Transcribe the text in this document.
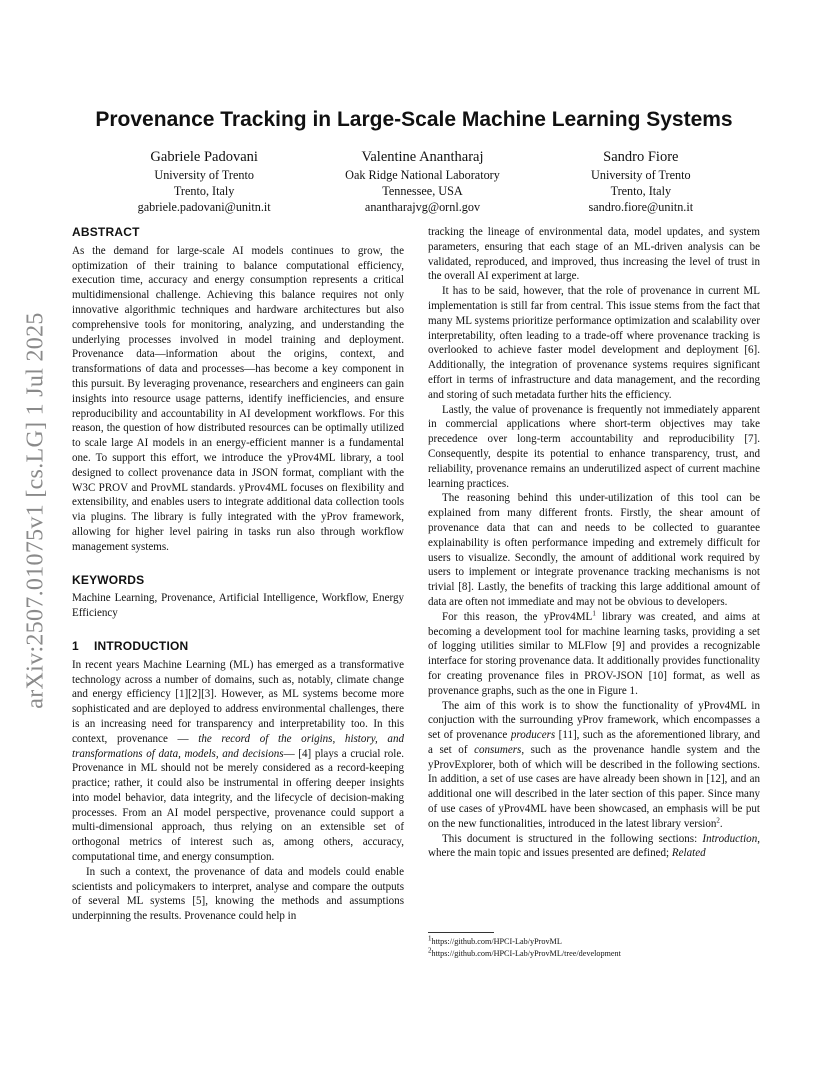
arXiv:2507.01075v1 [cs.LG] 1 Jul 2025
Provenance Tracking in Large-Scale Machine Learning Systems
Gabriele Padovani
University of Trento
Trento, Italy
gabriele.padovani@unitn.it
Valentine Anantharaj
Oak Ridge National Laboratory
Tennessee, USA
anantharajvg@ornl.gov
Sandro Fiore
University of Trento
Trento, Italy
sandro.fiore@unitn.it
ABSTRACT

As the demand for large-scale AI models continues to grow, the optimization of their training to balance computational efficiency, execution time, accuracy and energy consumption represents a critical multidimensional challenge. Achieving this balance requires not only innovative algorithmic techniques and hardware architectures but also comprehensive tools for monitoring, analyzing, and understanding the underlying processes involved in model training and deployment. Provenance data—information about the origins, context, and transformations of data and processes—has become a key component in this pursuit. By leveraging provenance, researchers and engineers can gain insights into resource usage patterns, identify inefficiencies, and ensure reproducibility and accountability in AI development workflows. For this reason, the question of how distributed resources can be optimally utilized to scale large AI models in an energy-efficient manner is a fundamental one. To support this effort, we introduce the yProv4ML library, a tool designed to collect provenance data in JSON format, compliant with the W3C PROV and ProvML standards. yProv4ML focuses on flexibility and extensibility, and enables users to integrate additional data collection tools via plugins. The library is fully integrated with the yProv framework, allowing for higher level pairing in tasks run also through workflow management systems.

KEYWORDS

Machine Learning, Provenance, Artificial Intelligence, Workflow, Energy Efficiency

1 INTRODUCTION

In recent years Machine Learning (ML) has emerged as a transformative technology across a number of domains, such as, notably, climate change and energy efficiency [1][2][3]. However, as ML systems become more sophisticated and are deployed to address environmental challenges, there is an increasing need for transparency and interpretability too. In this context, provenance — the record of the origins, history, and transformations of data, models, and decisions— [4] plays a crucial role. Provenance in ML should not be merely considered as a record-keeping practice; rather, it could also be instrumental in offering deeper insights into model behavior, data integrity, and the lifecycle of decision-making processes. From an AI model perspective, provenance could support a multi-dimensional approach, thus relying on an extensible set of orthogonal metrics of interest such as, among others, accuracy, computational time, and energy consumption.

In such a context, the provenance of data and models could enable scientists and policymakers to interpret, analyse and compare the outputs of several ML systems [5], knowing the methods and assumptions underpinning the results. Provenance could help in

tracking the lineage of environmental data, model updates, and system parameters, ensuring that each stage of an ML-driven analysis can be validated, reproduced, and improved, thus increasing the level of trust in the overall AI experiment at large.

It has to be said, however, that the role of provenance in current ML implementation is still far from central. This issue stems from the fact that many ML systems prioritize performance optimization and scalability over interpretability, often leading to a trade-off where provenance tracking is overlooked to achieve faster model development and deployment [6]. Additionally, the integration of provenance systems requires significant effort in terms of infrastructure and data management, and the recording and storing of such metadata further hits the efficiency.

Lastly, the value of provenance is frequently not immediately apparent in commercial applications where short-term objectives may take precedence over long-term accountability and reproducibility [7]. Consequently, despite its potential to enhance transparency, trust, and reliability, provenance remains an underutilized aspect of current machine learning practices.

The reasoning behind this under-utilization of this tool can be explained from many different fronts. Firstly, the shear amount of provenance data that can and needs to be collected to guarantee explainability is often performance impeding and extremely difficult for users to visualize. Secondly, the amount of additional work required by users to implement or integrate provenance tracking mechanisms is not trivial [8]. Lastly, the benefits of tracking this large additional amount of data are often not immediate and may not be obvious to developers.

For this reason, the $yProv4ML^1$ library was created, and aims at becoming a development tool for machine learning tasks, providing a set of logging utilities similar to MLFlow [9] and provides a recognizable interface for storing provenance data. It additionally provides functionality for creating provenance files in PROV-JSON [10] format, as well as provenance graphs, such as the one in Figure 1.

The aim of this work is to show the functionality of yProv4ML in conjuction with the surrounding yProv framework, which encompasses a set of provenance producers [11], such as the aforementioned library, and a set of consumers, such as the provenance handle system and the yProvExplorer, both of which will be described in the following sections. In addition, a set of use cases are have already been shown in [12], and an additional one will described in the later section of this paper. Since many of use cases of yProv4ML have been showcased, an emphasis will be put on the new functionalities, introduced in the latest library version$^2$.

This document is structured in the following sections: Introduction, where the main topic and issues presented are defined; Related

$^1$https://github.com/HPCI-Lab/yProvML
$^2$https://github.com/HPCI-Lab/yProvML/tree/development
